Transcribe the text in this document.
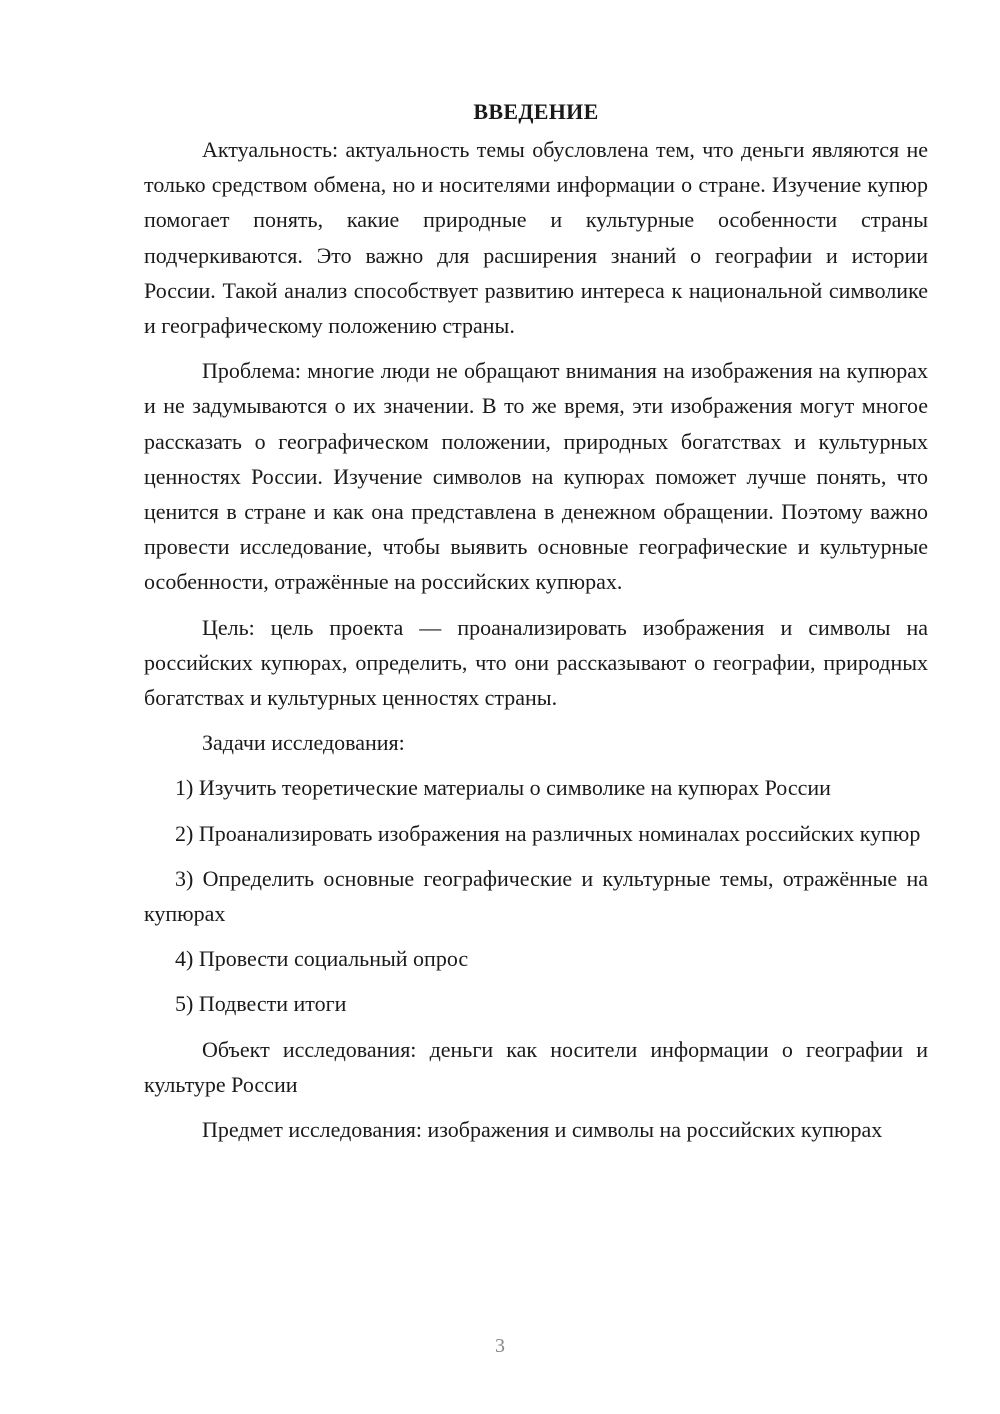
ВВЕДЕНИЕ

Актуальность: актуальность темы обусловлена тем, что деньги являются не только средством обмена, но и носителями информации о стране. Изучение купюр помогает понять, какие природные и культурные особенности страны подчеркиваются. Это важно для расширения знаний о географии и истории России. Такой анализ способствует развитию интереса к национальной символике и географическому положению страны.

Проблема: многие люди не обращают внимания на изображения на купюрах и не задумываются о их значении. В то же время, эти изображения могут многое рассказать о географическом положении, природных богатствах и культурных ценностях России. Изучение символов на купюрах поможет лучше понять, что ценится в стране и как она представлена в денежном обращении. Поэтому важно провести исследование, чтобы выявить основные географические и культурные особенности, отражённые на российских купюрах.

Цель: цель проекта — проанализировать изображения и символы на российских купюрах, определить, что они рассказывают о географии, природных богатствах и культурных ценностях страны.

Задачи исследования:

1) Изучить теоретические материалы о символике на купюрах России

2) Проанализировать изображения на различных номиналах российских купюр

3) Определить основные географические и культурные темы, отражённые на купюрах

4) Провести социальный опрос

5) Подвести итоги

Объект исследования: деньги как носители информации о географии и культуре России

Предмет исследования: изображения и символы на российских купюрах

3
